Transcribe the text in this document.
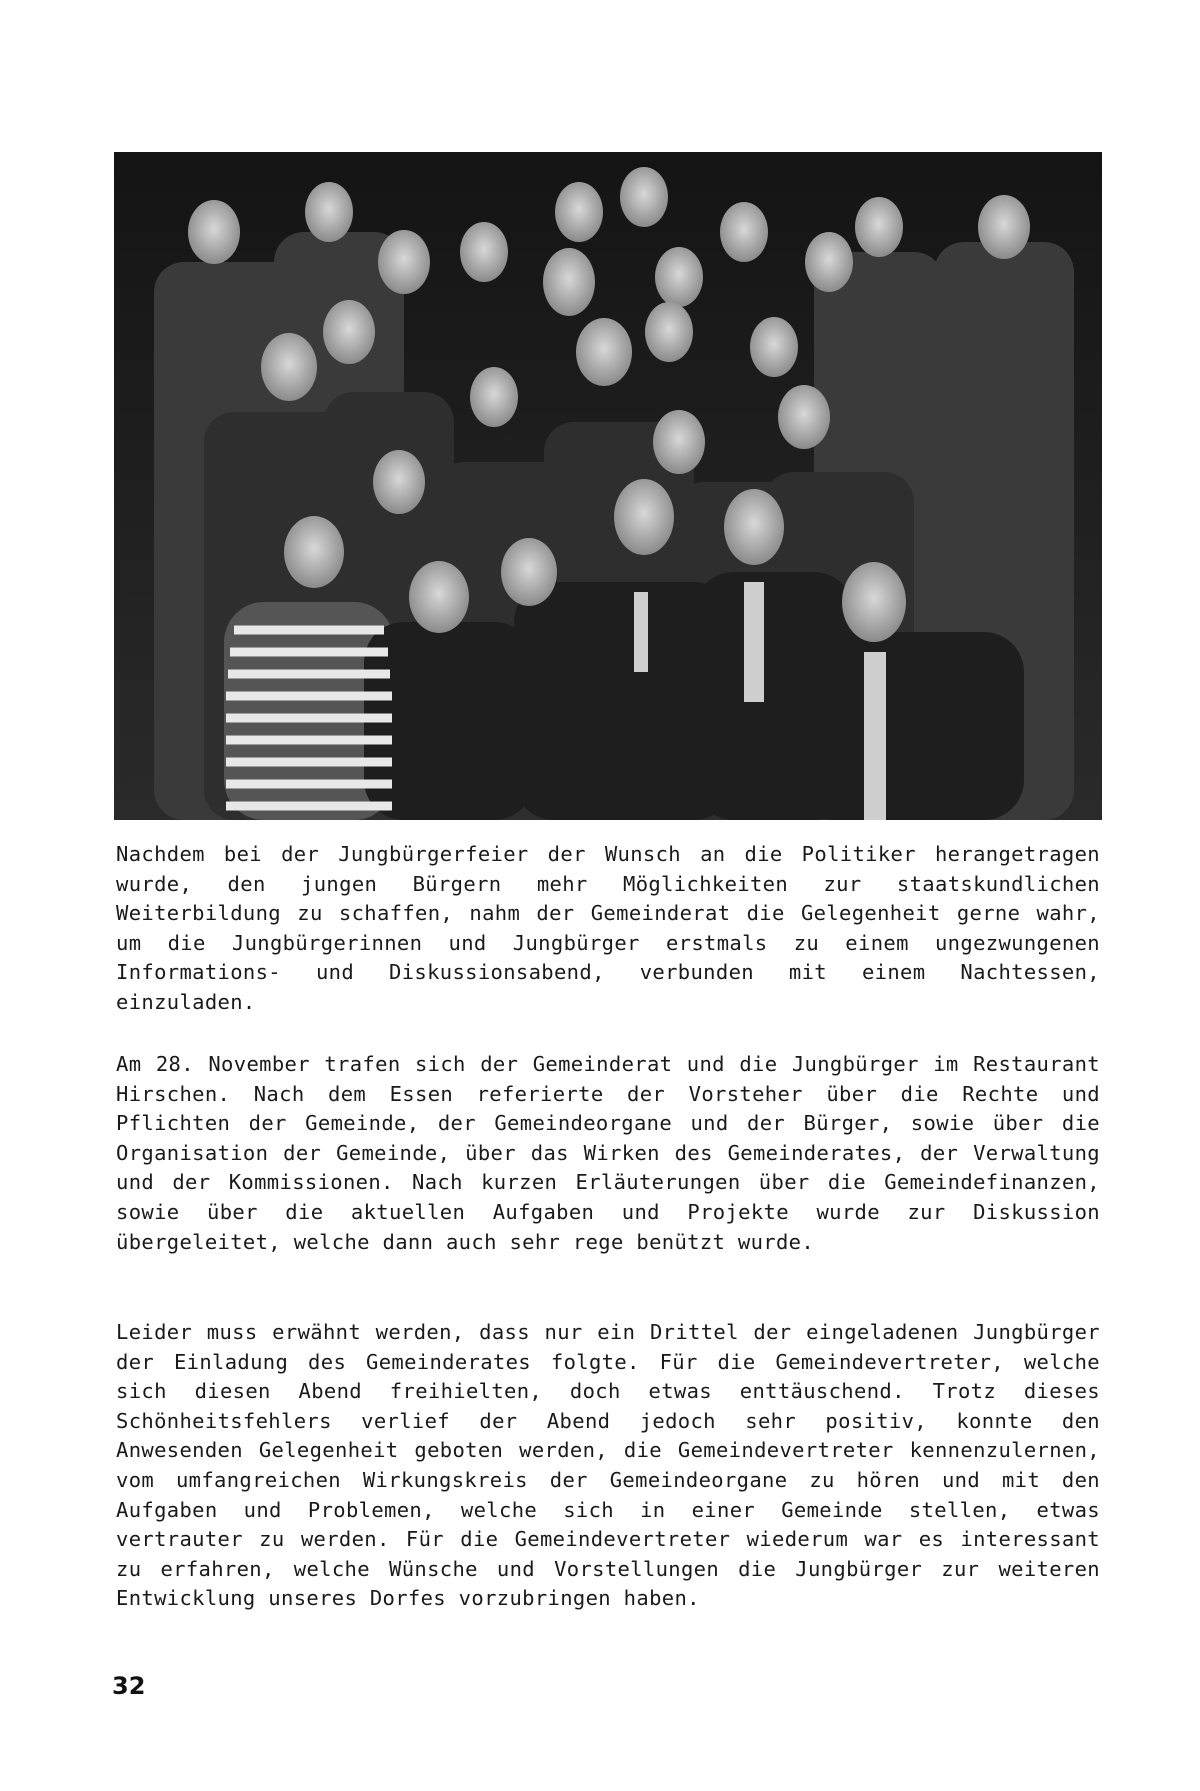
Nachdem bei der Jungbürgerfeier der Wunsch an die Politiker herangetragen wurde, den jungen Bürgern mehr Möglichkeiten zur staatskundlichen Weiterbildung zu schaffen, nahm der Gemeinderat die Gelegenheit gerne wahr, um die Jungbürgerinnen und Jungbürger erstmals zu einem ungezwungenen Informations- und Diskussionsabend, verbunden mit einem Nachtessen, einzuladen.

Am 28. November trafen sich der Gemeinderat und die Jungbürger im Restaurant Hirschen. Nach dem Essen referierte der Vorsteher über die Rechte und Pflichten der Gemeinde, der Gemeindeorgane und der Bürger, sowie über die Organisation der Gemeinde, über das Wirken des Gemeinderates, der Verwaltung und der Kommissionen. Nach kurzen Erläuterungen über die Gemeindefinanzen, sowie über die aktuellen Aufgaben und Projekte wurde zur Diskussion übergeleitet, welche dann auch sehr rege benützt wurde.

Leider muss erwähnt werden, dass nur ein Drittel der eingeladenen Jungbürger der Einladung des Gemeinderates folgte. Für die Gemeindevertreter, welche sich diesen Abend freihielten, doch etwas enttäuschend. Trotz dieses Schönheitsfehlers verlief der Abend jedoch sehr positiv, konnte den Anwesenden Gelegenheit geboten werden, die Gemeindevertreter kennenzulernen, vom umfangreichen Wirkungskreis der Gemeindeorgane zu hören und mit den Aufgaben und Problemen, welche sich in einer Gemeinde stellen, etwas vertrauter zu werden. Für die Gemeindevertreter wiederum war es interessant zu erfahren, welche Wünsche und Vorstellungen die Jungbürger zur weiteren Entwicklung unseres Dorfes vorzubringen haben.

32
